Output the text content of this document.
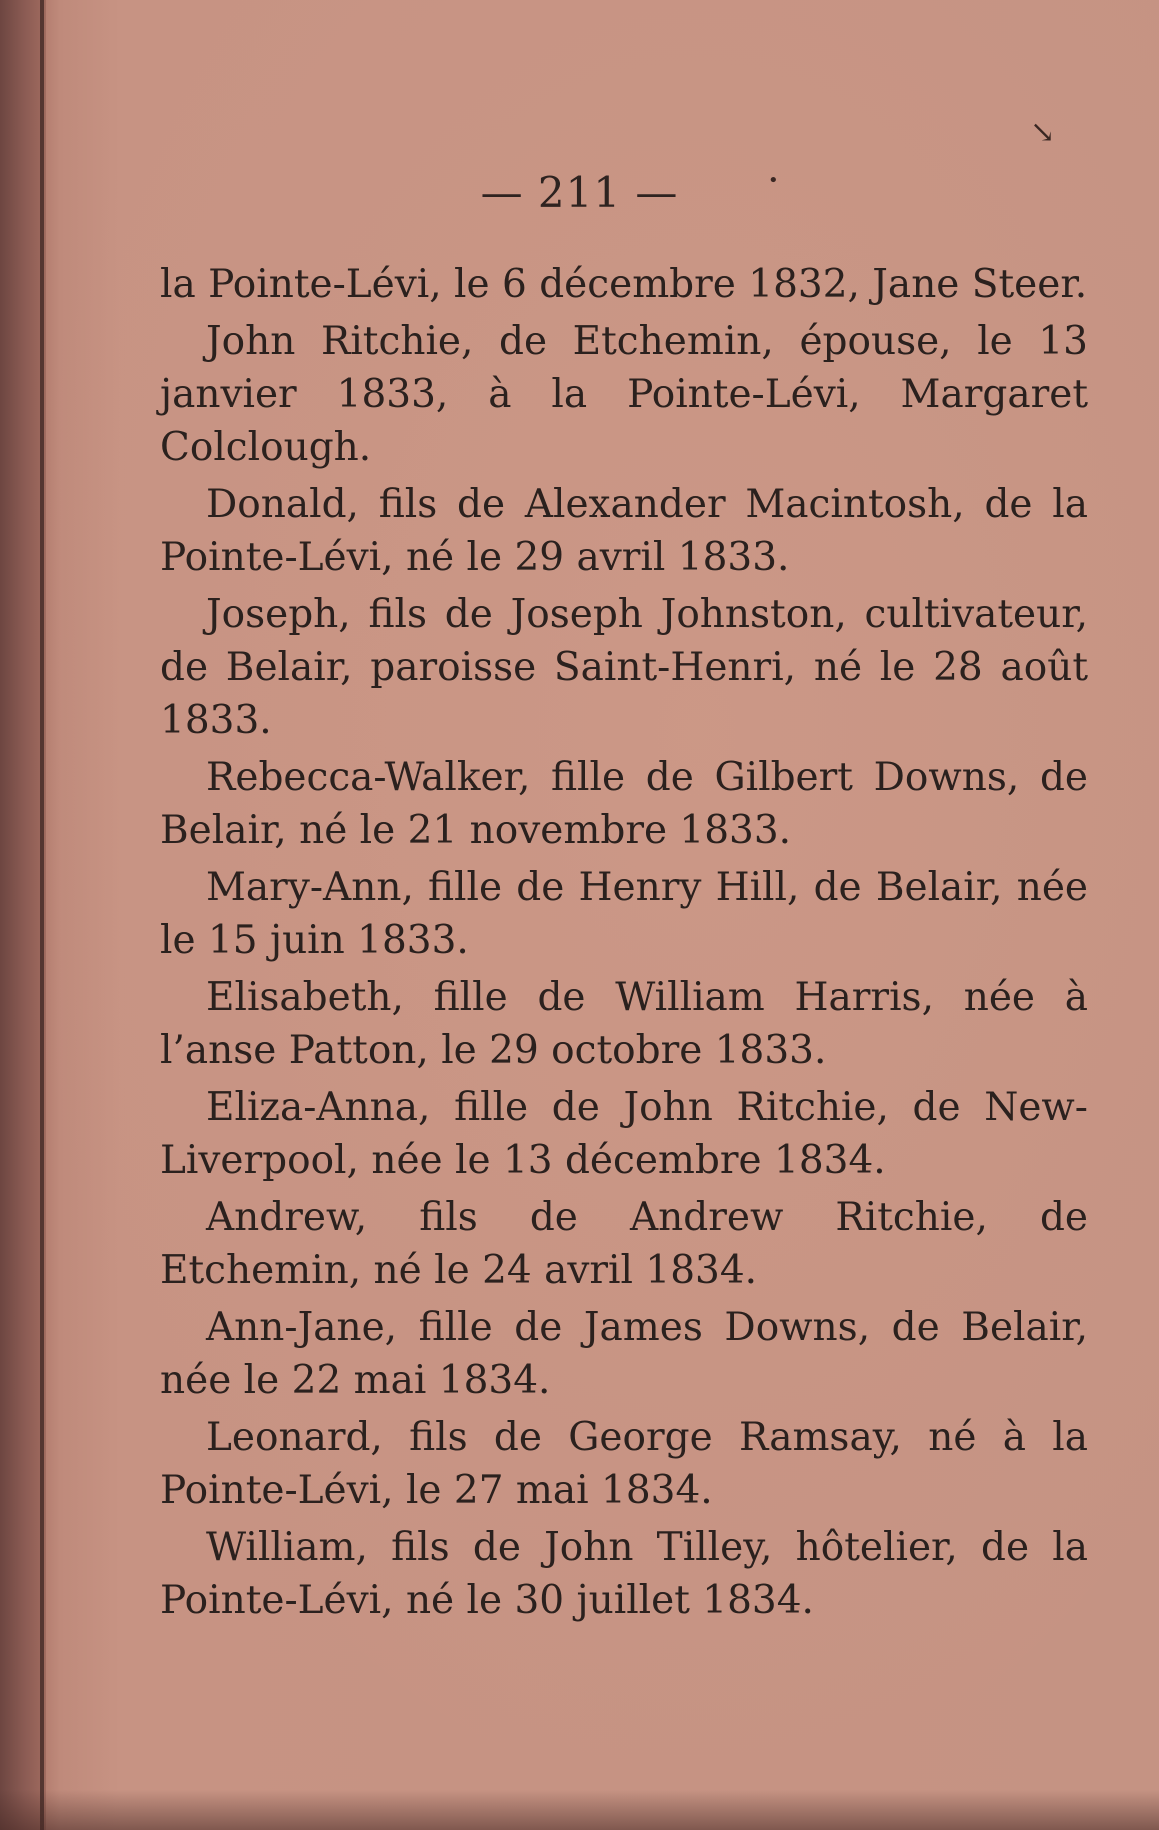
↘
•
— 211 —

la Pointe-Lévi, le 6 décembre 1832, Jane Steer.

John Ritchie, de Etchemin, épouse, le 13 janvier 1833, à la Pointe-Lévi, Margaret Colclough.

Donald, fils de Alexander Macintosh, de la Pointe-Lévi, né le 29 avril 1833.

Joseph, fils de Joseph Johnston, cultivateur, de Belair, paroisse Saint-Henri, né le 28 août 1833.

Rebecca-Walker, fille de Gilbert Downs, de Belair, né le 21 novembre 1833.

Mary-Ann, fille de Henry Hill, de Belair, née le 15 juin 1833.

Elisabeth, fille de William Harris, née à l’anse Patton, le 29 octobre 1833.

Eliza-Anna, fille de John Ritchie, de New-Liverpool, née le 13 décembre 1834.

Andrew, fils de Andrew Ritchie, de Etchemin, né le 24 avril 1834.

Ann-Jane, fille de James Downs, de Belair, née le 22 mai 1834.

Leonard, fils de George Ramsay, né à la Pointe-Lévi, le 27 mai 1834.

William, fils de John Tilley, hôtelier, de la Pointe-Lévi, né le 30 juillet 1834.
